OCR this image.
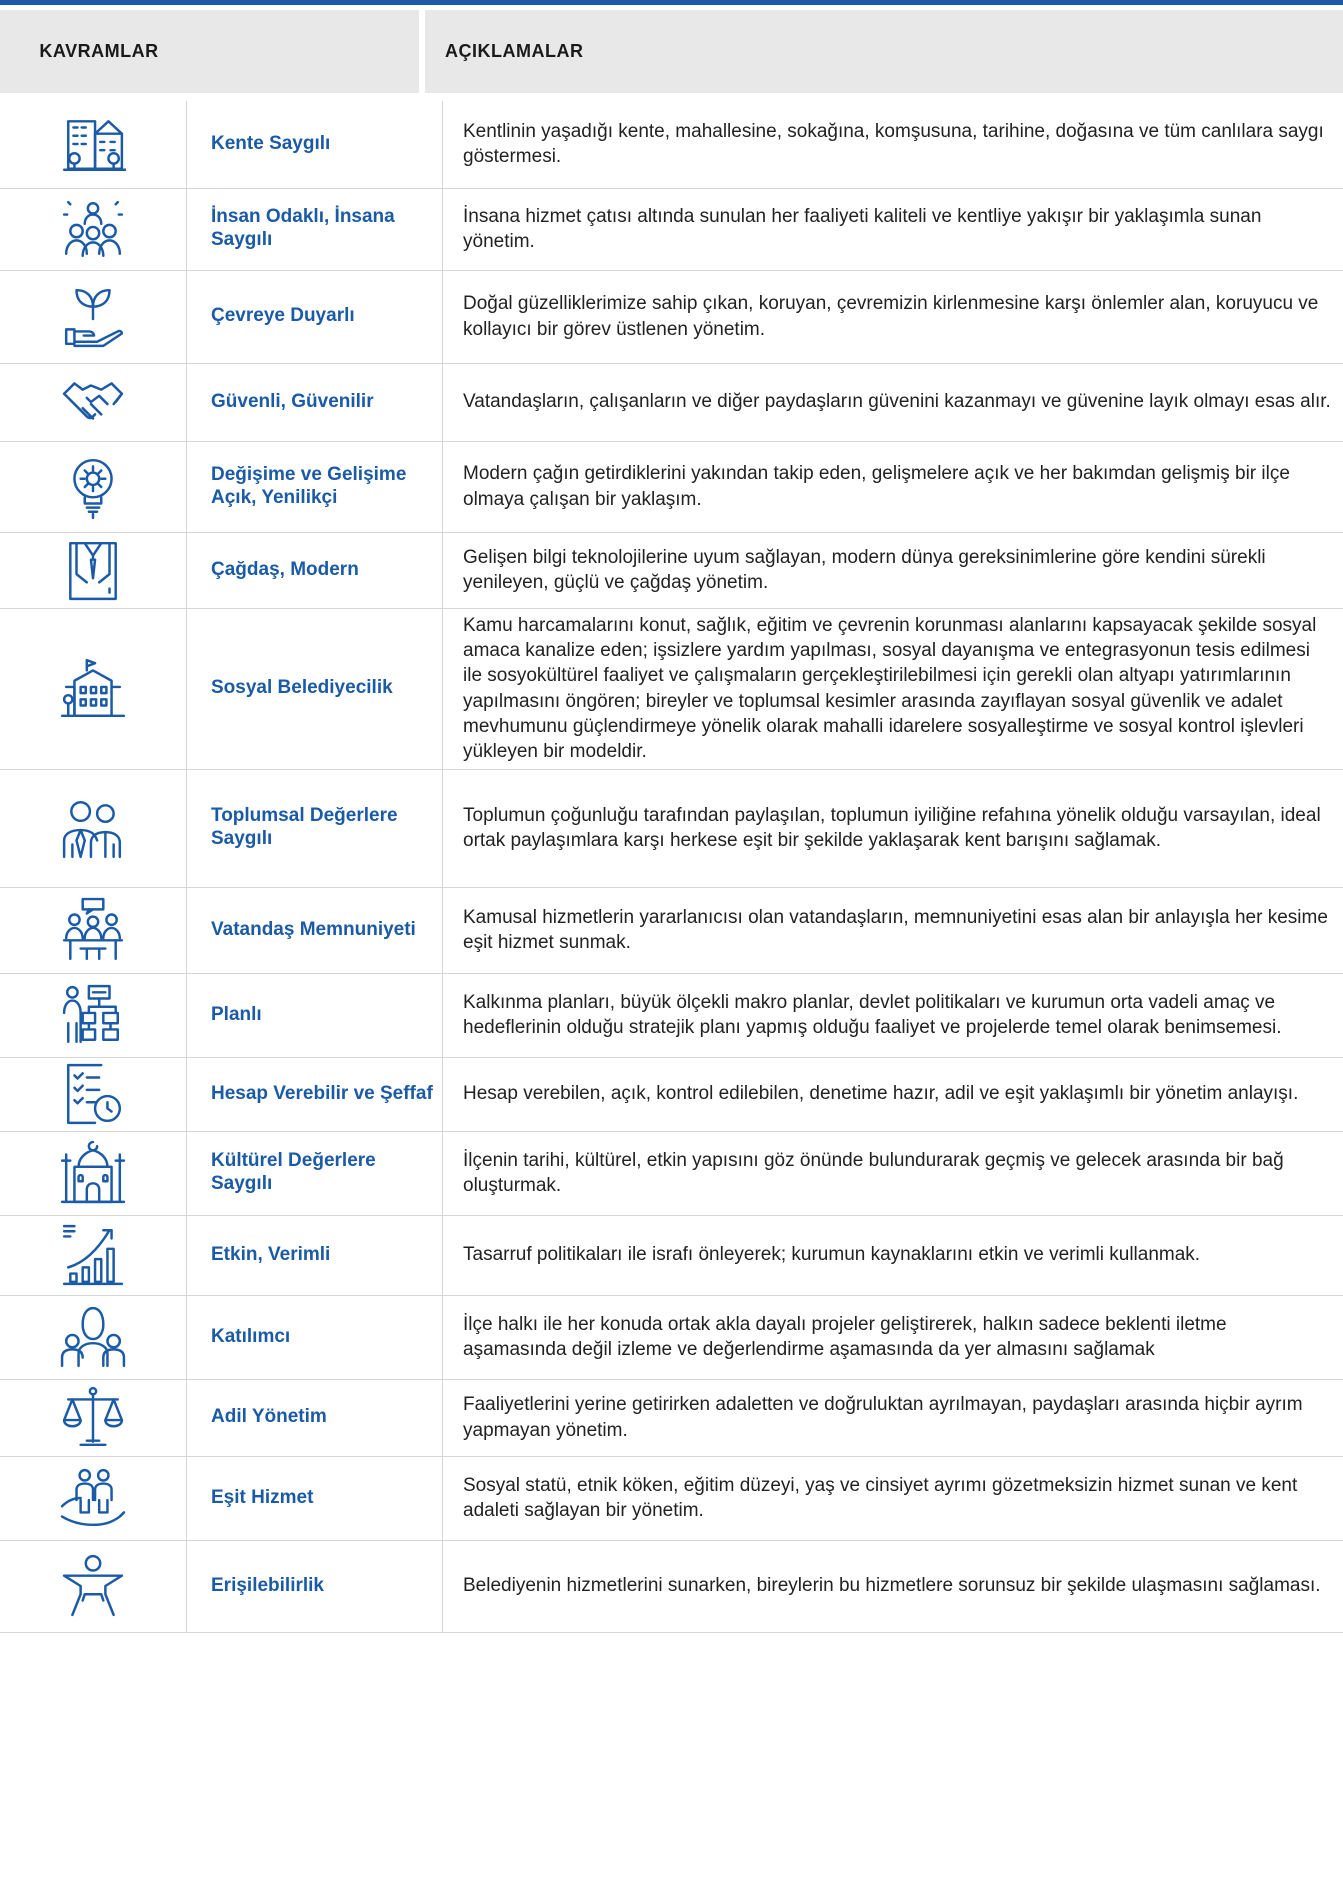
KAVRAMLAR	AÇIKLAMALAR
	Kente Saygılı	Kentlinin yaşadığı kente, mahallesine, sokağına, komşusuna, tarihine, doğasına ve tüm canlılara saygı göstermesi.

	İnsan Odaklı, İnsana Saygılı	İnsana hizmet çatısı altında sunulan her faaliyeti kaliteli ve kentliye yakışır bir yaklaşımla sunan yönetim.

	Çevreye Duyarlı	Doğal güzelliklerimize sahip çıkan, koruyan, çevremizin kirlenmesine karşı önlemler alan, koruyucu ve kollayıcı bir görev üstlenen yönetim.

	Güvenli, Güvenilir	Vatandaşların, çalışanların ve diğer paydaşların güvenini kazanmayı ve güvenine layık olmayı esas alır.

	Değişime ve Gelişime Açık, Yenilikçi	Modern çağın getirdiklerini yakından takip eden, gelişmelere açık ve her bakımdan gelişmiş bir ilçe olmaya çalışan bir yaklaşım.

	Çağdaş, Modern	Gelişen bilgi teknolojilerine uyum sağlayan, modern dünya gereksinimlerine göre kendini sürekli yenileyen, güçlü ve çağdaş yönetim.

	Sosyal Belediyecilik	Kamu harcamalarını konut, sağlık, eğitim ve çevrenin korunması alanlarını kapsayacak şekilde sosyal amaca kanalize eden; işsizlere yardım yapılması, sosyal dayanışma ve entegrasyonun tesis edilmesi ile sosyokültürel faaliyet ve çalışmaların gerçekleştirilebilmesi için gerekli olan altyapı yatırımlarının yapılmasını öngören; bireyler ve toplumsal kesimler arasında zayıflayan sosyal güvenlik ve adalet mevhumunu güçlendirmeye yönelik olarak mahalli idarelere sosyalleştirme ve sosyal kontrol işlevleri yükleyen bir modeldir.

	Toplumsal Değerlere Saygılı	Toplumun çoğunluğu tarafından paylaşılan, toplumun iyiliğine refahına yönelik olduğu varsayılan, ideal ortak paylaşımlara karşı herkese eşit bir şekilde yaklaşarak kent barışını sağlamak.

	Vatandaş Memnuniyeti	Kamusal hizmetlerin yararlanıcısı olan vatandaşların, memnuniyetini esas alan bir anlayışla her kesime eşit hizmet sunmak.

	Planlı	Kalkınma planları, büyük ölçekli makro planlar, devlet politikaları ve kurumun orta vadeli amaç ve hedeflerinin olduğu stratejik planı yapmış olduğu faaliyet ve projelerde temel olarak benimsemesi.

	Hesap Verebilir ve Şeffaf	Hesap verebilen, açık, kontrol edilebilen, denetime hazır, adil ve eşit yaklaşımlı bir yönetim anlayışı.

	Kültürel Değerlere Saygılı	İlçenin tarihi, kültürel, etkin yapısını göz önünde bulundurarak geçmiş ve gelecek arasında bir bağ oluşturmak.

	Etkin, Verimli	Tasarruf politikaları ile israfı önleyerek; kurumun kaynaklarını etkin ve verimli kullanmak.

	Katılımcı	İlçe halkı ile her konuda ortak akla dayalı projeler geliştirerek, halkın sadece beklenti iletme aşamasında değil izleme ve değerlendirme aşamasında da yer almasını sağlamak

	Adil Yönetim	Faaliyetlerini yerine getirirken adaletten ve doğruluktan ayrılmayan, paydaşları arasında hiçbir ayrım yapmayan yönetim.

	Eşit Hizmet	Sosyal statü, etnik köken, eğitim düzeyi, yaş ve cinsiyet ayrımı gözetmeksizin hizmet sunan ve kent adaleti sağlayan bir yönetim.

	Erişilebilirlik	Belediyenin hizmetlerini sunarken, bireylerin bu hizmetlere sorunsuz bir şekilde ulaşmasını sağlaması.
